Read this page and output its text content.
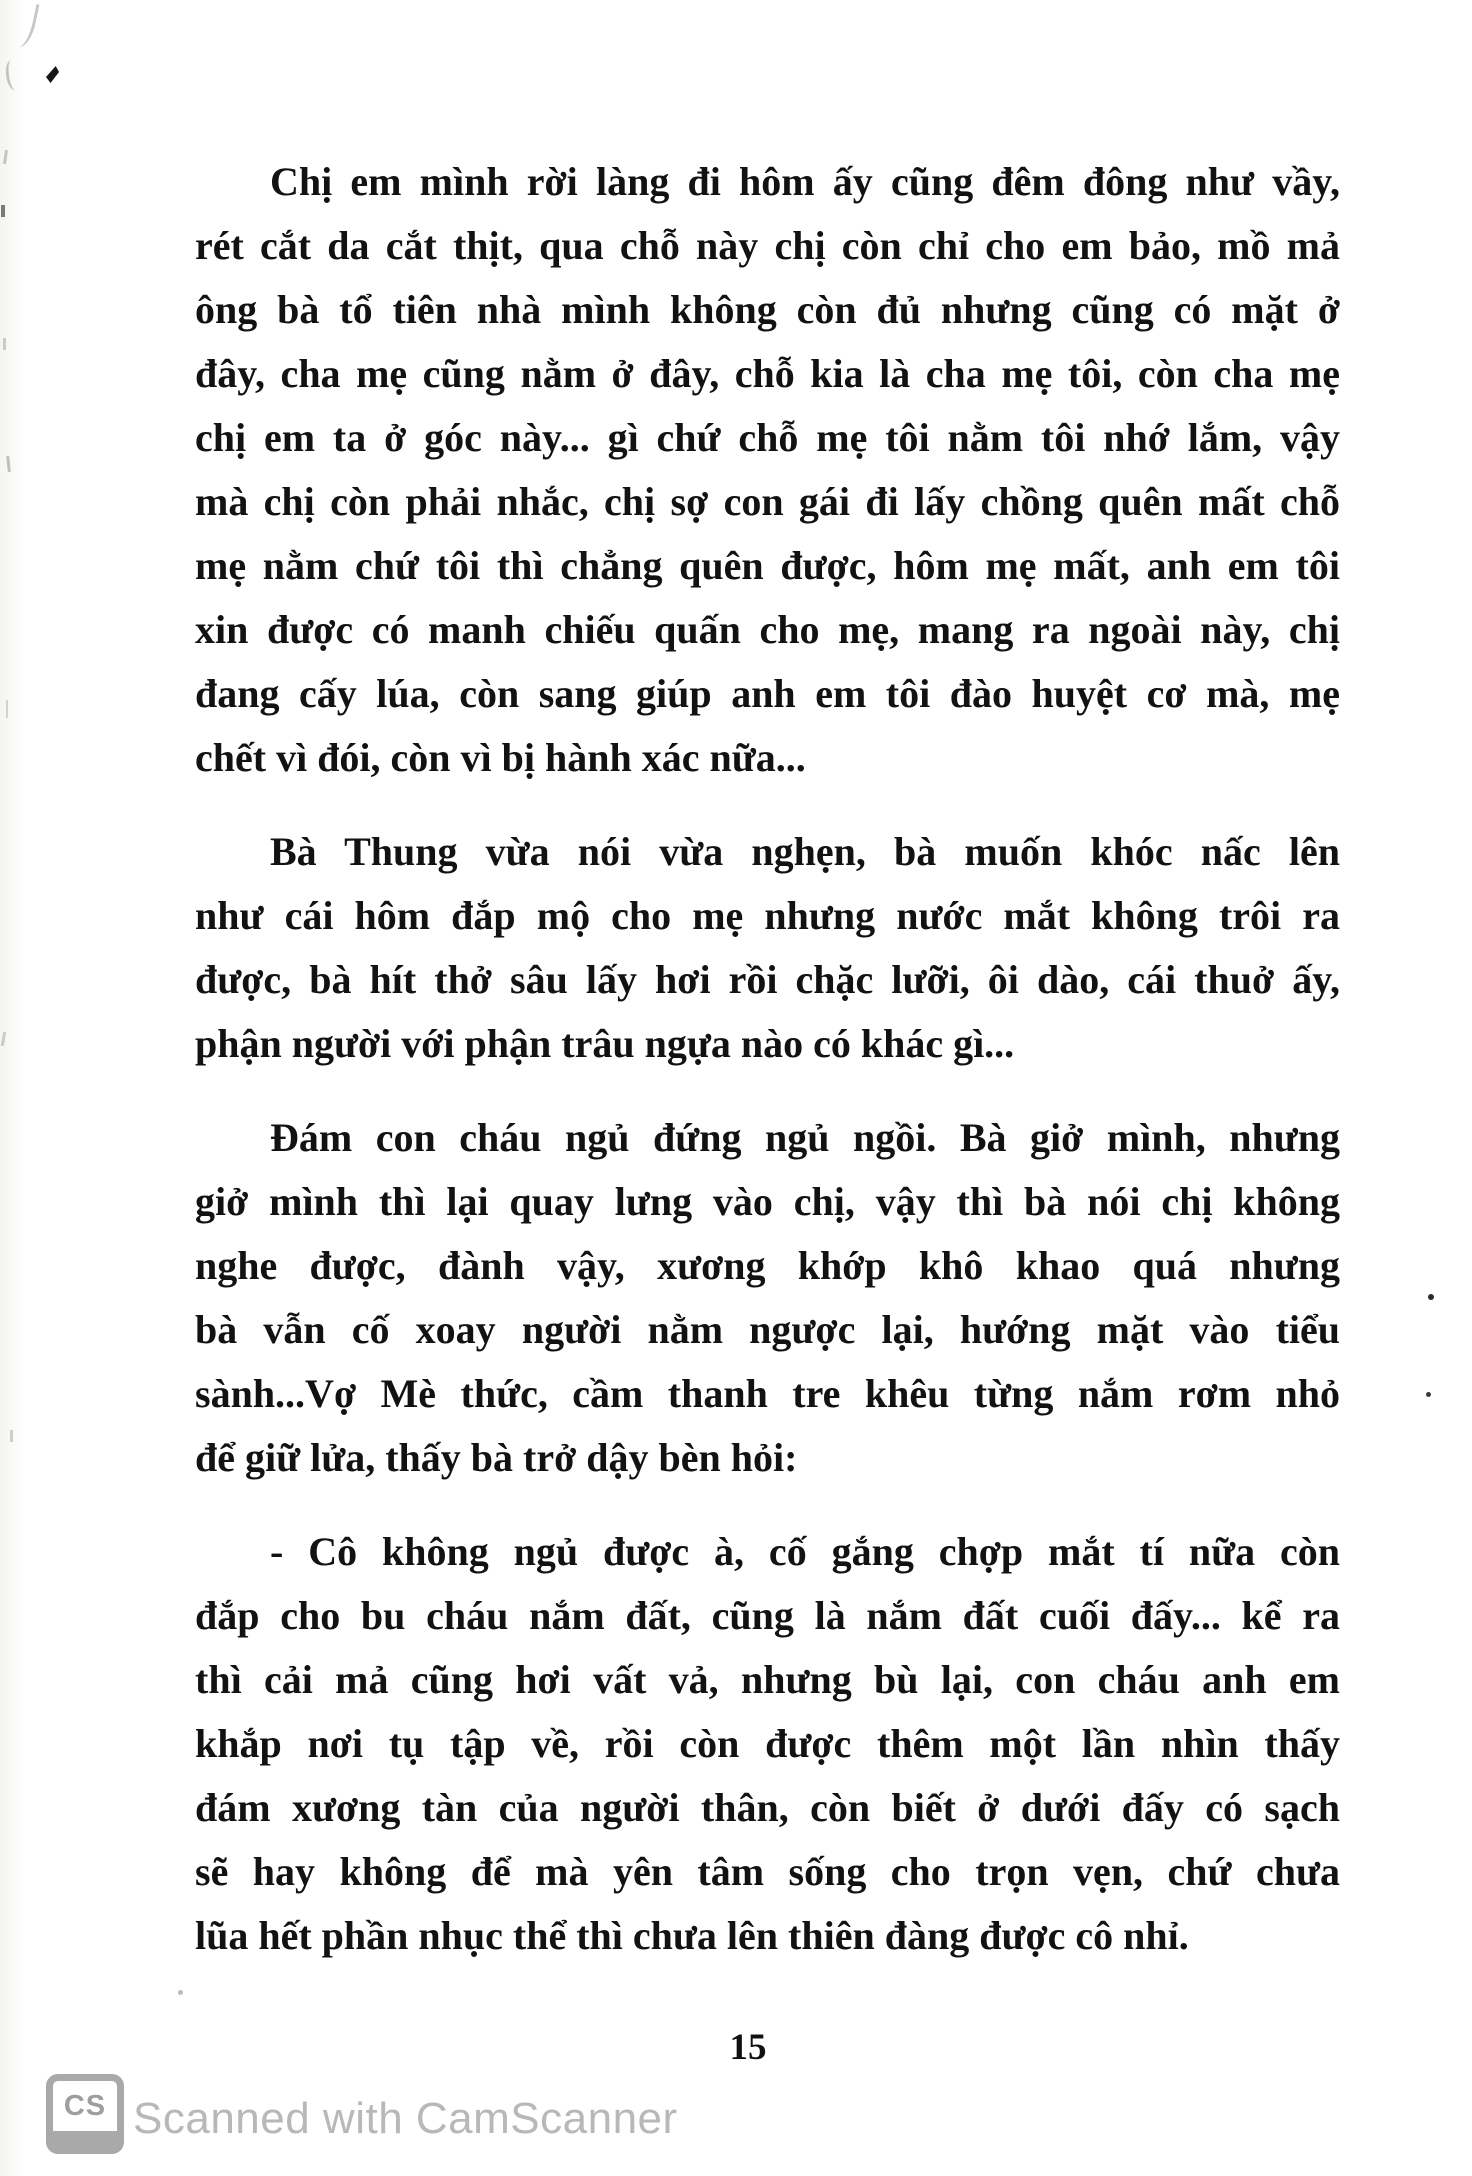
Chị em mình rời làng đi hôm ấy cũng đêm đông như vầy,
rét cắt da cắt thịt, qua chỗ này chị còn chỉ cho em bảo, mồ mả
ông bà tổ tiên nhà mình không còn đủ nhưng cũng có mặt ở
đây, cha mẹ cũng nằm ở đây, chỗ kia là cha mẹ tôi, còn cha mẹ
chị em ta ở góc này... gì chứ chỗ mẹ tôi nằm tôi nhớ lắm, vậy
mà chị còn phải nhắc, chị sợ con gái đi lấy chồng quên mất chỗ
mẹ nằm chứ tôi thì chẳng quên được, hôm mẹ mất, anh em tôi
xin được có manh chiếu quấn cho mẹ, mang ra ngoài này, chị
đang cấy lúa, còn sang giúp anh em tôi đào huyệt cơ mà, mẹ
chết vì đói, còn vì bị hành xác nữa...
Bà Thung vừa nói vừa nghẹn, bà muốn khóc nấc lên
như cái hôm đắp mộ cho mẹ nhưng nước mắt không trôi ra
được, bà hít thở sâu lấy hơi rồi chặc lưỡi, ôi dào, cái thuở ấy,
phận người với phận trâu ngựa nào có khác gì...
Đám con cháu ngủ đứng ngủ ngồi. Bà giở mình, nhưng
giở mình thì lại quay lưng vào chị, vậy thì bà nói chị không
nghe được, đành vậy, xương khớp khô khao quá nhưng
bà vẫn cố xoay người nằm ngược lại, hướng mặt vào tiểu
sành...Vợ Mè thức, cầm thanh tre khêu từng nắm rơm nhỏ
để giữ lửa, thấy bà trở dậy bèn hỏi:
- Cô không ngủ được à, cố gắng chợp mắt tí nữa còn
đắp cho bu cháu nắm đất, cũng là nắm đất cuối đấy... kể ra
thì cải mả cũng hơi vất vả, nhưng bù lại, con cháu anh em
khắp nơi tụ tập về, rồi còn được thêm một lần nhìn thấy
đám xương tàn của người thân, còn biết ở dưới đấy có sạch
sẽ hay không để mà yên tâm sống cho trọn vẹn, chứ chưa
lũa hết phần nhục thể thì chưa lên thiên đàng được cô nhỉ.
15
CS Scanned with CamScanner
